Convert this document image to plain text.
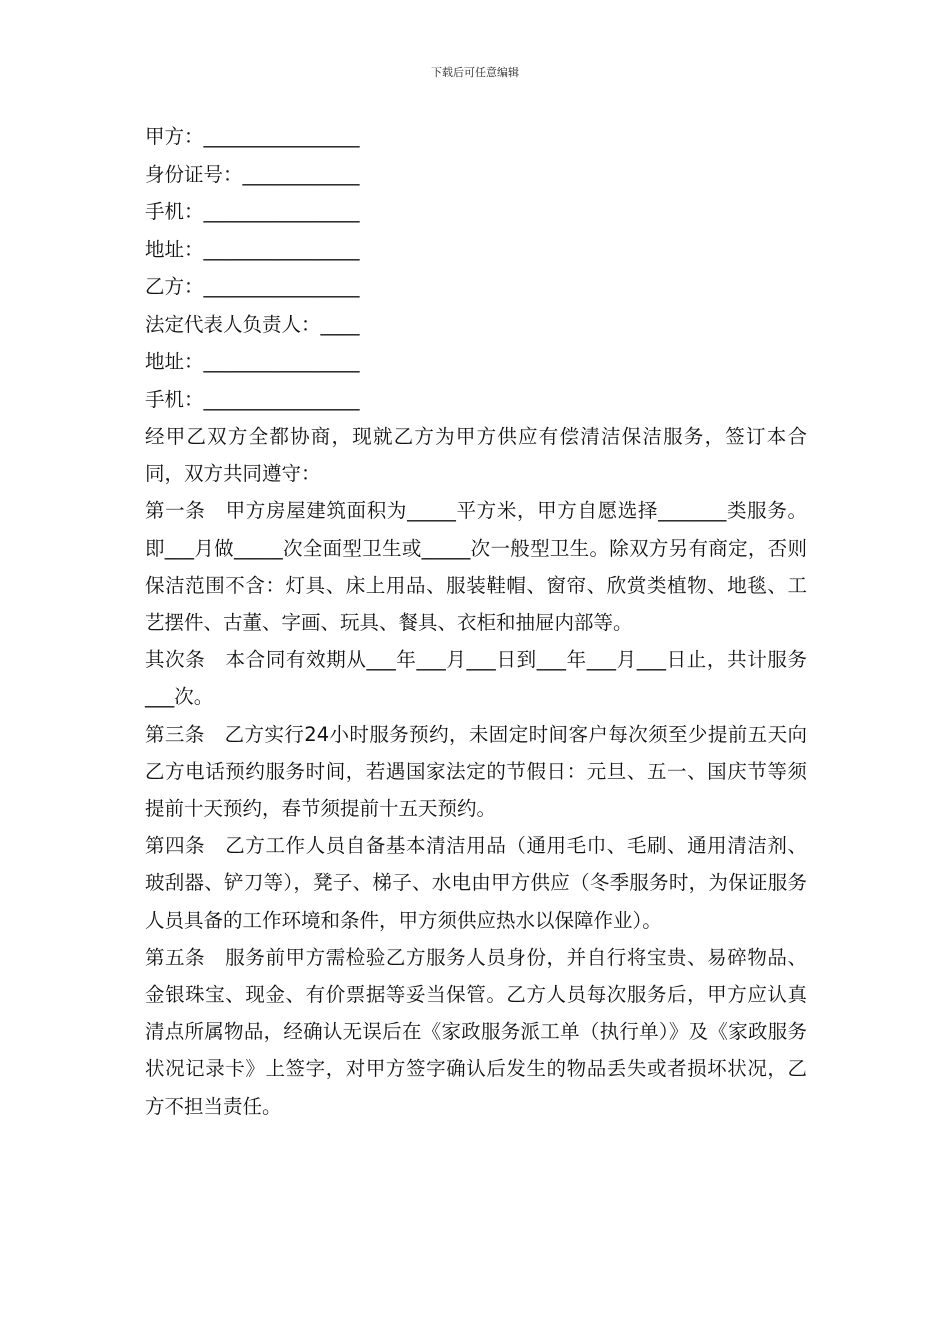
下载后可任意编辑
甲方：________________
身份证号：____________
手机：________________
地址：________________
乙方：________________
法定代表人负责人：____
地址：________________
手机：________________

经甲乙双方全都协商，现就乙方为甲方供应有偿清洁保洁服务，签订本合同，双方共同遵守：

第一条　甲方房屋建筑面积为_____平方米，甲方自愿选择_______类服务。即___月做_____次全面型卫生或_____次一般型卫生。除双方另有商定，否则保洁范围不含：灯具、床上用品、服装鞋帽、窗帘、欣赏类植物、地毯、工艺摆件、古董、字画、玩具、餐具、衣柜和抽屉内部等。

其次条　本合同有效期从___年___月___日到___年___月___日止，共计服务___次。

第三条　乙方实行24小时服务预约，未固定时间客户每次须至少提前五天向乙方电话预约服务时间，若遇国家法定的节假日：元旦、五一、国庆节等须提前十天预约，春节须提前十五天预约。

第四条　乙方工作人员自备基本清洁用品（通用毛巾、毛刷、通用清洁剂、玻刮器、铲刀等），凳子、梯子、水电由甲方供应（冬季服务时，为保证服务人员具备的工作环境和条件，甲方须供应热水以保障作业）。

第五条　服务前甲方需检验乙方服务人员身份，并自行将宝贵、易碎物品、金银珠宝、现金、有价票据等妥当保管。乙方人员每次服务后，甲方应认真清点所属物品，经确认无误后在《家政服务派工单（执行单）》及《家政服务状况记录卡》上签字，对甲方签字确认后发生的物品丢失或者损坏状况，乙方不担当责任。
